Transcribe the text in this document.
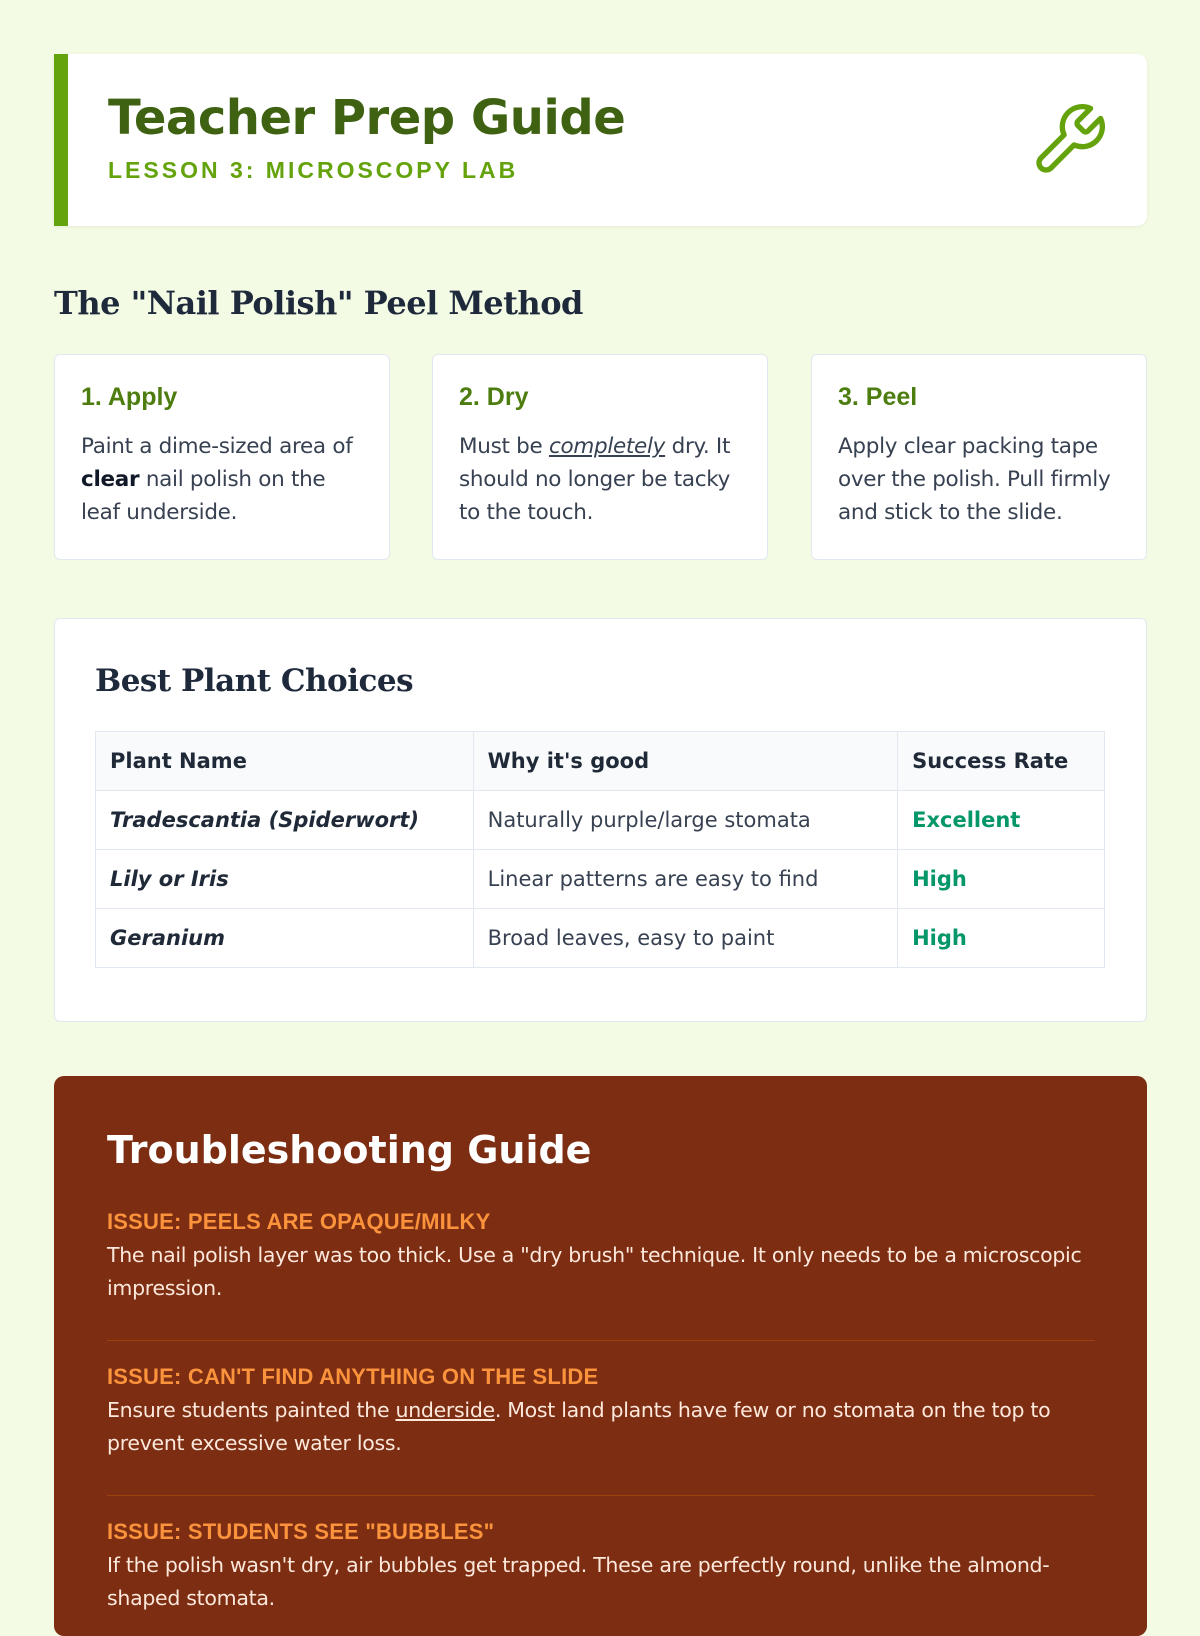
Teacher Prep Guide
LESSON 3: MICROSCOPY LAB
The "Nail Polish" Peel Method
1. Apply

Paint a dime-sized area of clear nail polish on the leaf underside.

2. Dry

Must be completely dry. It should no longer be tacky to the touch.

3. Peel

Apply clear packing tape over the polish. Pull firmly and stick to the slide.

Best Plant Choices
Plant Name	Why it's good	Success Rate
Tradescantia (Spiderwort)	Naturally purple/large stomata	Excellent
Lily or Iris	Linear patterns are easy to find	High
Geranium	Broad leaves, easy to paint	High
Troubleshooting Guide
ISSUE: PEELS ARE OPAQUE/MILKY

The nail polish layer was too thick. Use a "dry brush" technique. It only needs to be a microscopic impression.

ISSUE: CAN'T FIND ANYTHING ON THE SLIDE

Ensure students painted the underside. Most land plants have few or no stomata on the top to prevent excessive water loss.

ISSUE: STUDENTS SEE "BUBBLES"

If the polish wasn't dry, air bubbles get trapped. These are perfectly round, unlike the almond-shaped stomata.
